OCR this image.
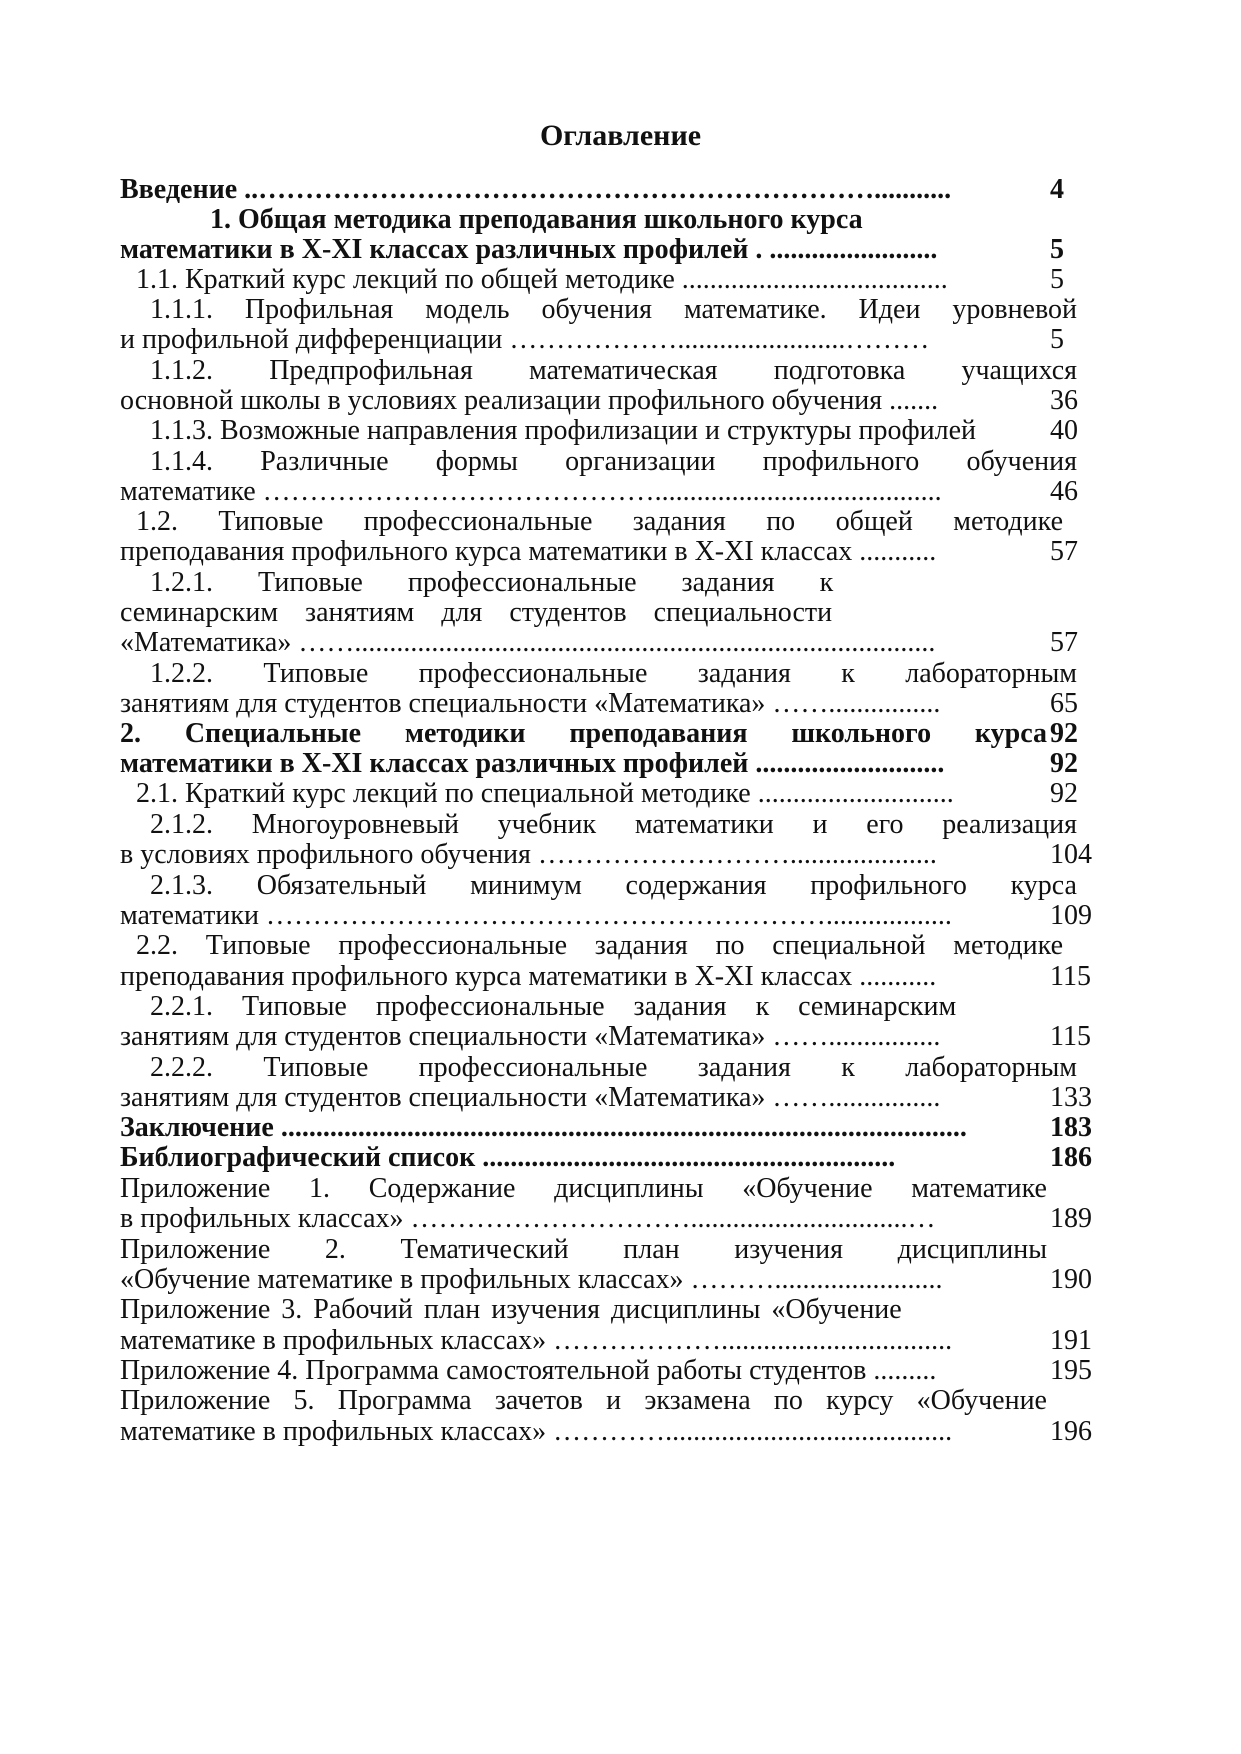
Оглавление
Введение ..…………………………………………………………...........	4
1. Общая методика преподавания школьного курса
математики в X-XI классах различных профилей . ........................	5
1.1. Краткий курс лекций по общей методике ......................................	5
1.1.1. Профильная модель обучения математике. Идеи уровневой
и профильной дифференциации ………………........................………	5
1.1.2. Предпрофильная математическая подготовка учащихся
основной школы в условиях реализации профильного обучения .......	36
1.1.3. Возможные направления профилизации и структуры профилей	40
1.1.4. Различные формы организации профильного обучения
математике …………………………………….........................................	46
1.2. Типовые профессиональные задания по общей методике
преподавания профильного курса математики в X-XI классах ...........	57
1.2.1. Типовые профессиональные задания к
семинарским занятиям для студентов специальности
«Математика» ……...................................................................................	57
1.2.2. Типовые профессиональные задания к лабораторным
занятиям для студентов специальности «Математика» ……................	65
2. Специальные методики преподавания школьного курса 92
математики в X-XI классах различных профилей ...........................	92
2.1. Краткий курс лекций по специальной методике ............................	92
2.1.2. Многоуровневый учебник математики и его реализация
в условиях профильного обучения ……………………….....................	104
2.1.3. Обязательный минимум содержания профильного курса
математики ……………………………………………………..................	109
2.2. Типовые профессиональные задания по специальной методике
преподавания профильного курса математики в X-XI классах ...........	115
2.2.1. Типовые профессиональные задания к семинарским
занятиям для студентов специальности «Математика» ……................	115
2.2.2. Типовые профессиональные задания к лабораторным
занятиям для студентов специальности «Математика» ……................	133
Заключение ..................................................................................................	183
Библиографический список ...........................................................	186
Приложение 1. Содержание дисциплины «Обучение математике
в профильных классах» …………………………...............................…	189
Приложение 2. Тематический план изучения дисциплины
«Обучение математике в профильных классах» ………........................	190
Приложение 3. Рабочий план изучения дисциплины «Обучение
математике в профильных классах» ……………….................................	191
Приложение 4. Программа самостоятельной работы студентов .........	195
Приложение 5. Программа зачетов и экзамена по курсу «Обучение
математике в профильных классах» ………….........................................	196
